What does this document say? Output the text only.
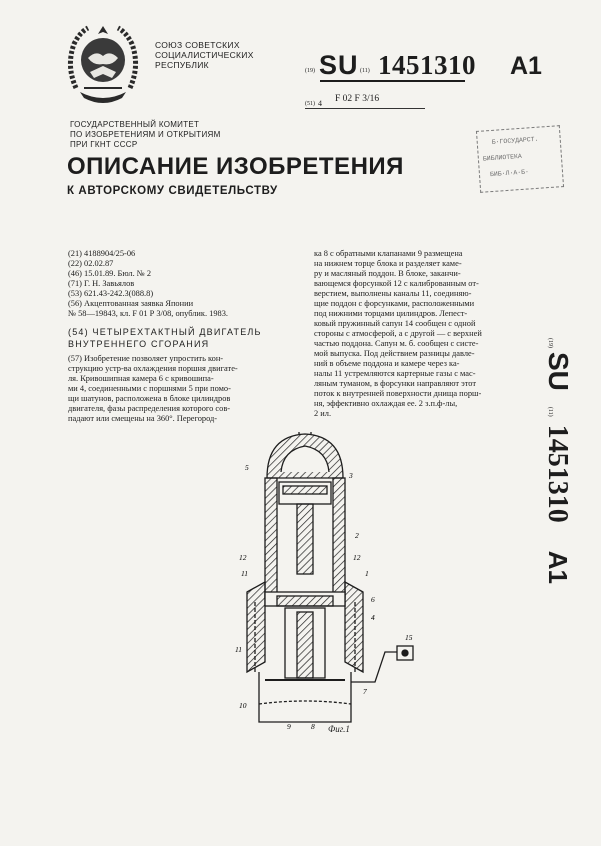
СОЮЗ СОВЕТСКИХ
СОЦИАЛИСТИЧЕСКИХ
РЕСПУБЛИК
(19) SU (11) 1451310 A1
(51) 4 F 02 F 3/16
ГОСУДАРСТВЕННЫЙ КОМИТЕТ
ПО ИЗОБРЕТЕНИЯМ И ОТКРЫТИЯМ
ПРИ ГКНТ СССР
ОПИСАНИЕ ИЗОБРЕТЕНИЯ
К АВТОРСКОМУ СВИДЕТЕЛЬСТВУ
Б·ГОСУДАРСТ.
БИБЛИОТЕКА
БИБ·Л·А·Б·
(21) 4188904/25-06
(22) 02.02.87
(46) 15.01.89. Бюл. № 2
(71) Г. Н. Завьялов
(53) 621.43-242.3(088.8)
(56) Акцептованная заявка Японии
№ 58—19843, кл. F 01 Р 3/08, опублик. 1983.
(54) ЧЕТЫРЕХТАКТНЫЙ ДВИГАТЕЛЬ
ВНУТРЕННЕГО СГОРАНИЯ
(57) Изобретение позволяет упростить кон-
струкцию устр-ва охлаждения поршня двигате-
ля. Кривошипная камера 6 с кривошипа-
ми 4, соединенными с поршнями 5 при помо-
щи шатунов, расположена в блоке цилиндров
двигателя, фазы распределения которого сов-
падают или смещены на 360°. Перегород-
ка 8 с обратными клапанами 9 размещена
на нижнем торце блока и разделяет каме-
ру и масляный поддон. В блоке, заканчи-
вающемся форсункой 12 с калиброванным от-
верстием, выполнены каналы 11, соединяю-
щие поддон с форсунками, расположенными
под нижними торцами цилиндров. Лепест-
ковый пружинный сапун 14 сообщен с одной
стороны с атмосферой, а с другой — с верхней
частью поддона. Сапун м. б. сообщен с систе-
мой выпуска. Под действием разницы давле-
ний в объеме поддона и камере через ка-
налы 11 устремляются картерные газы с мас-
ляным туманом, в форсунки направляют этот
поток к внутренней поверхности днища порш-
ня, эффективно охлаждая ее. 2 з.п.ф-лы,
2 ил.
5
3
2
12	12
11	1
6
4
15
11
7
10
9	8 Фиг.1
(19) SU (11) 1451310 A1
